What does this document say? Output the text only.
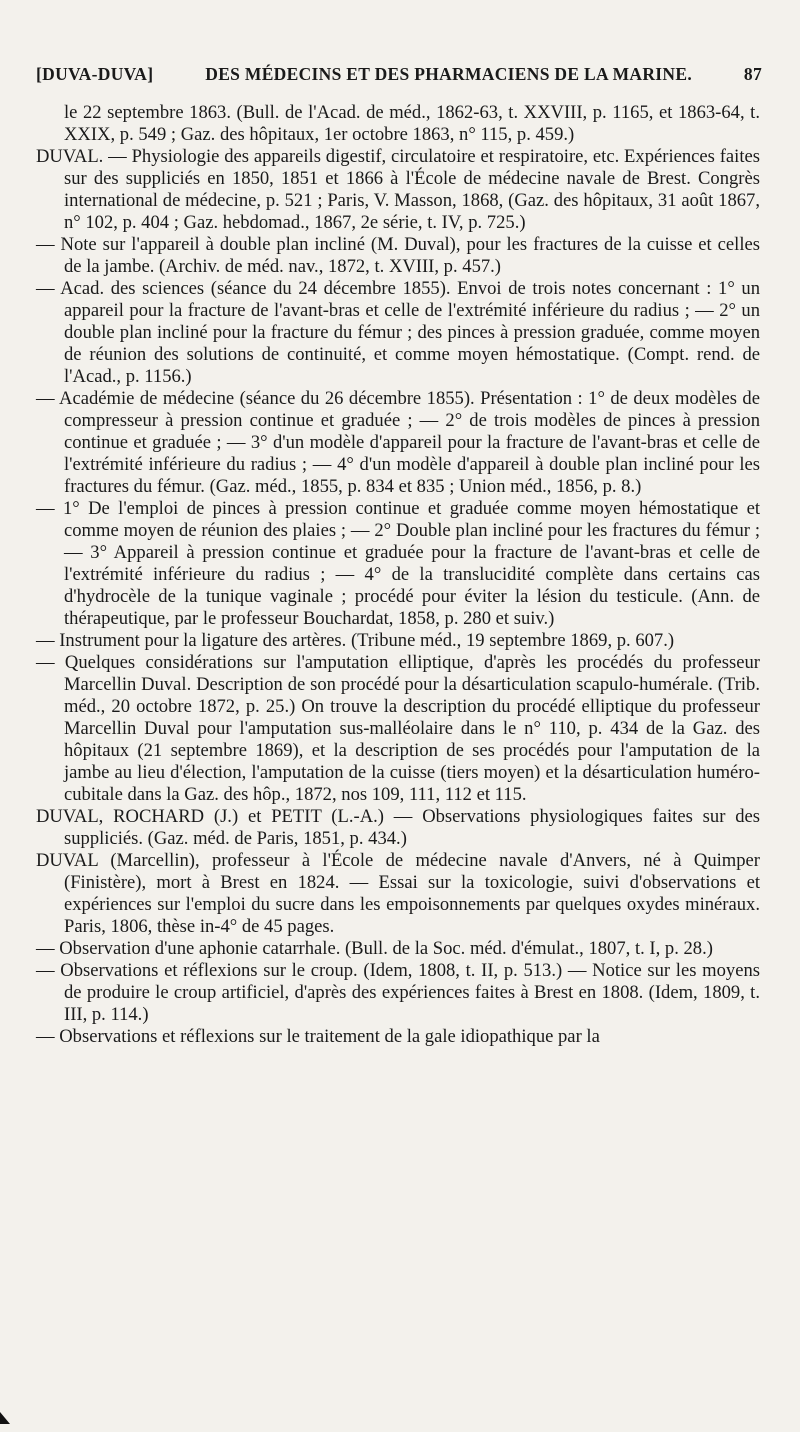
[DUVA-DUVA]	DES MÉDECINS ET DES PHARMACIENS DE LA MARINE.	87

le 22 septembre 1863. (Bull. de l'Acad. de méd., 1862-63, t. XXVIII, p. 1165, et 1863-64, t. XXIX, p. 549 ; Gaz. des hôpitaux, 1er octobre 1863, n° 115, p. 459.)

DUVAL. — Physiologie des appareils digestif, circulatoire et respiratoire, etc. Expériences faites sur des suppliciés en 1850, 1851 et 1866 à l'École de médecine navale de Brest. Congrès international de médecine, p. 521 ; Paris, V. Masson, 1868, (Gaz. des hôpitaux, 31 août 1867, n° 102, p. 404 ; Gaz. hebdomad., 1867, 2e série, t. IV, p. 725.)

— Note sur l'appareil à double plan incliné (M. Duval), pour les fractures de la cuisse et celles de la jambe. (Archiv. de méd. nav., 1872, t. XVIII, p. 457.)

— Acad. des sciences (séance du 24 décembre 1855). Envoi de trois notes concernant : 1° un appareil pour la fracture de l'avant-bras et celle de l'extrémité inférieure du radius ; — 2° un double plan incliné pour la fracture du fémur ; des pinces à pression graduée, comme moyen de réunion des solutions de continuité, et comme moyen hémostatique. (Compt. rend. de l'Acad., p. 1156.)

— Académie de médecine (séance du 26 décembre 1855). Présentation : 1° de deux modèles de compresseur à pression continue et graduée ; — 2° de trois modèles de pinces à pression continue et graduée ; — 3° d'un modèle d'appareil pour la fracture de l'avant-bras et celle de l'extrémité inférieure du radius ; — 4° d'un modèle d'appareil à double plan incliné pour les fractures du fémur. (Gaz. méd., 1855, p. 834 et 835 ; Union méd., 1856, p. 8.)

— 1° De l'emploi de pinces à pression continue et graduée comme moyen hémostatique et comme moyen de réunion des plaies ; — 2° Double plan incliné pour les fractures du fémur ; — 3° Appareil à pression continue et graduée pour la fracture de l'avant-bras et celle de l'extrémité inférieure du radius ; — 4° de la translucidité complète dans certains cas d'hydrocèle de la tunique vaginale ; procédé pour éviter la lésion du testicule. (Ann. de thérapeutique, par le professeur Bouchardat, 1858, p. 280 et suiv.)

— Instrument pour la ligature des artères. (Tribune méd., 19 septembre 1869, p. 607.)

— Quelques considérations sur l'amputation elliptique, d'après les procédés du professeur Marcellin Duval. Description de son procédé pour la désarticulation scapulo-humérale. (Trib. méd., 20 octobre 1872, p. 25.) On trouve la description du procédé elliptique du professeur Marcellin Duval pour l'amputation sus-malléolaire dans le n° 110, p. 434 de la Gaz. des hôpitaux (21 septembre 1869), et la description de ses procédés pour l'amputation de la jambe au lieu d'élection, l'amputation de la cuisse (tiers moyen) et la désarticulation huméro-cubitale dans la Gaz. des hôp., 1872, nos 109, 111, 112 et 115.

DUVAL, ROCHARD (J.) et PETIT (L.-A.) — Observations physiologiques faites sur des suppliciés. (Gaz. méd. de Paris, 1851, p. 434.)

DUVAL (Marcellin), professeur à l'École de médecine navale d'Anvers, né à Quimper (Finistère), mort à Brest en 1824. — Essai sur la toxicologie, suivi d'observations et expériences sur l'emploi du sucre dans les empoisonnements par quelques oxydes minéraux. Paris, 1806, thèse in-4° de 45 pages.

— Observation d'une aphonie catarrhale. (Bull. de la Soc. méd. d'émulat., 1807, t. I, p. 28.)

— Observations et réflexions sur le croup. (Idem, 1808, t. II, p. 513.) — Notice sur les moyens de produire le croup artificiel, d'après des expériences faites à Brest en 1808. (Idem, 1809, t. III, p. 114.)

— Observations et réflexions sur le traitement de la gale idiopathique par la
